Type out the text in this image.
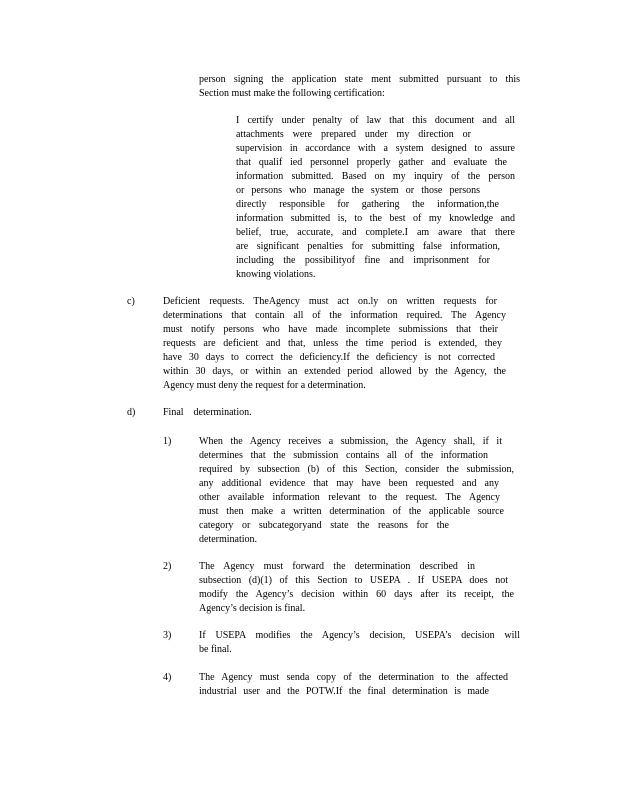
person signing the application state ment submitted pursuant to this
Section must make the following certification:
I certify under penalty of law that this document and all
attachments were prepared under my direction or
supervision in accordance with a system designed to assure
that qualif ied personnel properly gather and evaluate the
information submitted. Based on my inquiry of the person
or persons who manage the system or those persons
directly responsible for gathering the information,the
information submitted is, to the best of my knowledge and
belief, true, accurate, and complete.I am aware that there
are significant penalties for submitting false information,
including the possibilityof fine and imprisonment for
knowing violations.
c)	Deficient requests. TheAgency must act on.ly on written requests for
determinations that contain all of the information required. The Agency
must notify persons who have made incomplete submissions that their
requests are deficient and that, unless the time period is extended, they
have 30 days to correct the deficiency.If the deficiency is not corrected
within 30 days, or within an extended period allowed by the Agency, the
Agency must deny the request for a determination.
d)	Final    determination.
1)	When the Agency receives a submission, the Agency shall, if it
determines that the submission contains all of the information
required by subsection (b) of this Section, consider the submission,
any additional evidence that may have been requested and any
other available information relevant to the request. The Agency
must then make a written determination of the applicable source
category or subcategoryand state the reasons for the
determination.
2)	The Agency must forward the determination described in
subsection (d)(1) of this Section to USEPA . If USEPA does not
modify the Agency’s decision within 60 days after its receipt, the
Agency’s decision is final.
3)	If USEPA modifies the Agency’s decision, USEPA’s decision will
be final.
4)	The Agency must senda copy of the determination to the affected
industrial user and the POTW.If the final determination is made
